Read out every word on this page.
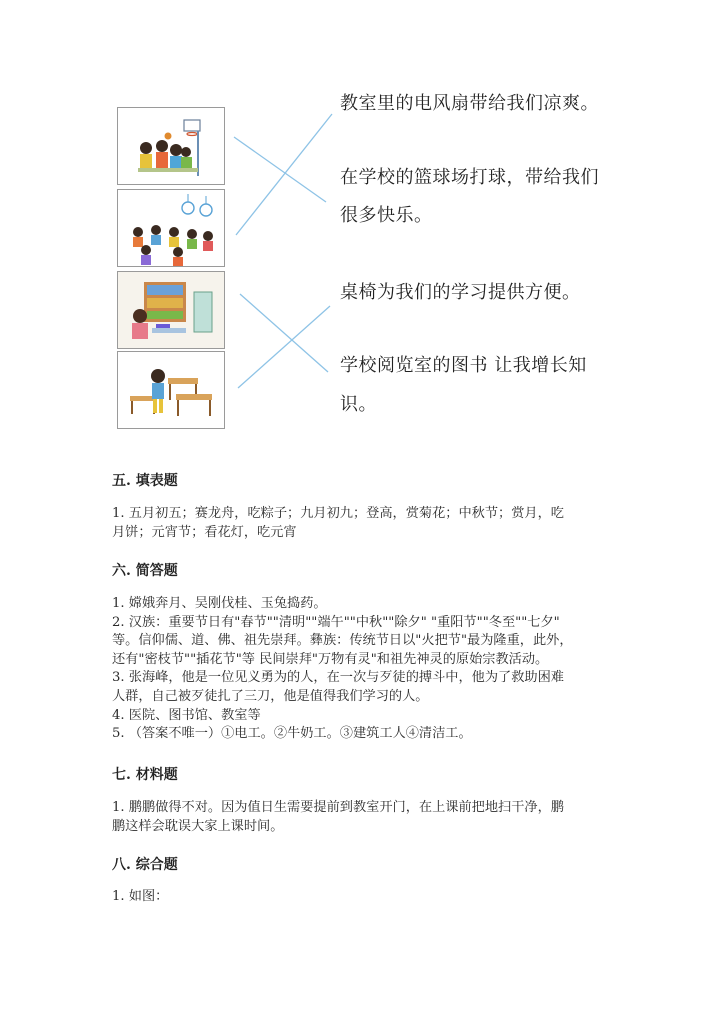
教室里的电风扇带给我们凉爽。
在学校的篮球场打球，带给我们
很多快乐。
桌椅为我们的学习提供方便。
学校阅览室的图书 让我增长知
识。
五. 填表题
1. 五月初五；赛龙舟，吃粽子；九月初九；登高，赏菊花；中秋节；赏月，吃
月饼；元宵节；看花灯，吃元宵
六. 简答题
1. 嫦娥奔月、吴刚伐桂、玉兔捣药。
2. 汉族：重要节日有"春节""清明""端午""中秋""除夕" "重阳节""冬至""七夕"
等。信仰儒、道、佛、祖先崇拜。彝族：传统节日以"火把节"最为隆重，此外，
还有"密枝节""插花节"等 民间崇拜"万物有灵"和祖先神灵的原始宗教活动。
3. 张海峰，他是一位见义勇为的人，在一次与歹徒的搏斗中，他为了救助困难
人群，自己被歹徒扎了三刀，他是值得我们学习的人。
4. 医院、图书馆、教室等
5. （答案不唯一）①电工。②牛奶工。③建筑工人④清洁工。
七. 材料题
1. 鹏鹏做得不对。因为值日生需要提前到教室开门，在上课前把地扫干净，鹏
鹏这样会耽误大家上课时间。
八. 综合题
1. 如图：
